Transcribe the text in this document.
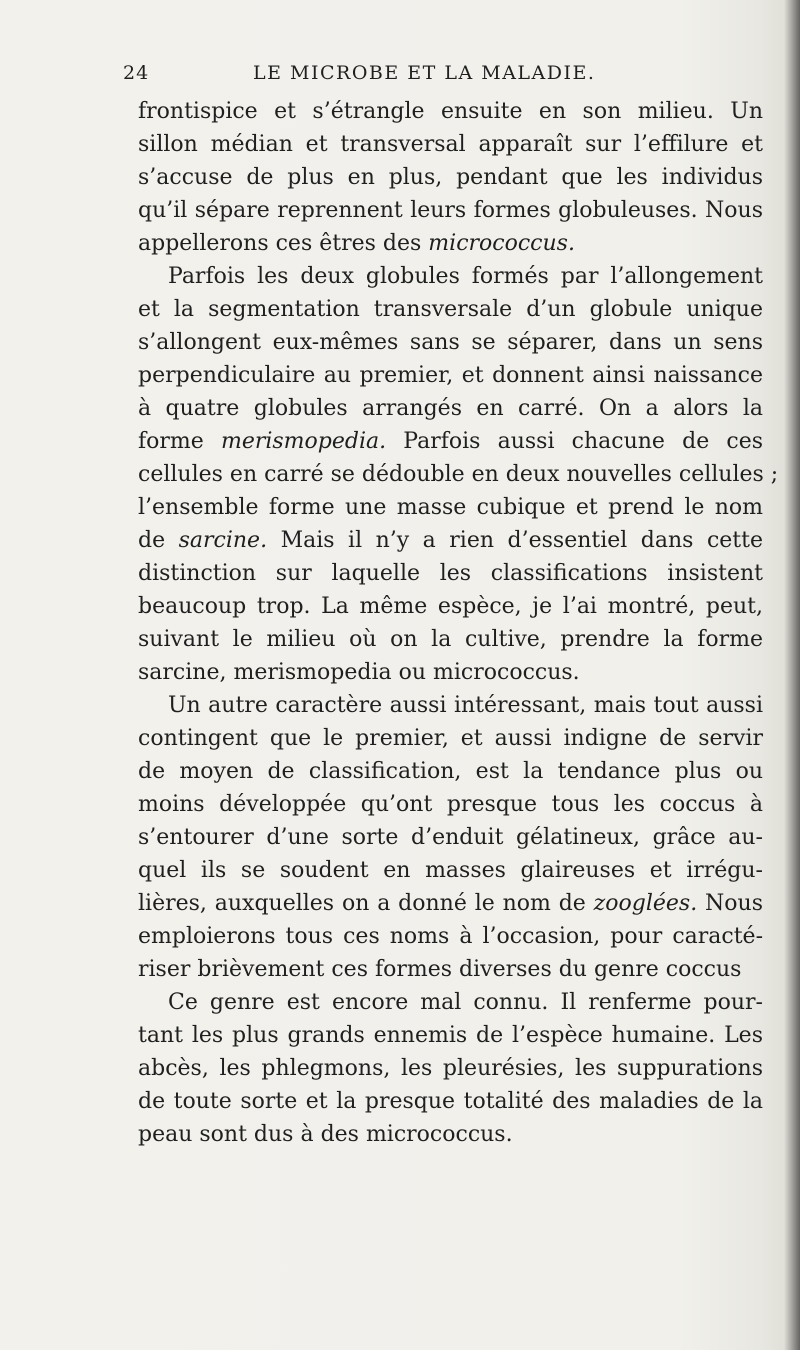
24	LE MICROBE ET LA MALADIE.
frontispice et s’étrangle ensuite en son milieu. Un
sillon médian et transversal apparaît sur l’effilure et
s’accuse de plus en plus, pendant que les individus
qu’il sépare reprennent leurs formes globuleuses. Nous
appellerons ces êtres des micrococcus.
Parfois les deux globules formés par l’allongement
et la segmentation transversale d’un globule unique
s’allongent eux-mêmes sans se séparer, dans un sens
perpendiculaire au premier, et donnent ainsi naissance
à quatre globules arrangés en carré. On a alors la
forme merismopedia. Parfois aussi chacune de ces
cellules en carré se dédouble en deux nouvelles cellules ;
l’ensemble forme une masse cubique et prend le nom
de sarcine. Mais il n’y a rien d’essentiel dans cette
distinction sur laquelle les classifications insistent
beaucoup trop. La même espèce, je l’ai montré, peut,
suivant le milieu où on la cultive, prendre la forme
sarcine, merismopedia ou micrococcus.
Un autre caractère aussi intéressant, mais tout aussi
contingent que le premier, et aussi indigne de servir
de moyen de classification, est la tendance plus ou
moins développée qu’ont presque tous les coccus à
s’entourer d’une sorte d’enduit gélatineux, grâce au-
quel ils se soudent en masses glaireuses et irrégu-
lières, auxquelles on a donné le nom de zooglées. Nous
emploierons tous ces noms à l’occasion, pour caracté-
riser brièvement ces formes diverses du genre coccus
Ce genre est encore mal connu. Il renferme pour-
tant les plus grands ennemis de l’espèce humaine. Les
abcès, les phlegmons, les pleurésies, les suppurations
de toute sorte et la presque totalité des maladies de la
peau sont dus à des micrococcus.
